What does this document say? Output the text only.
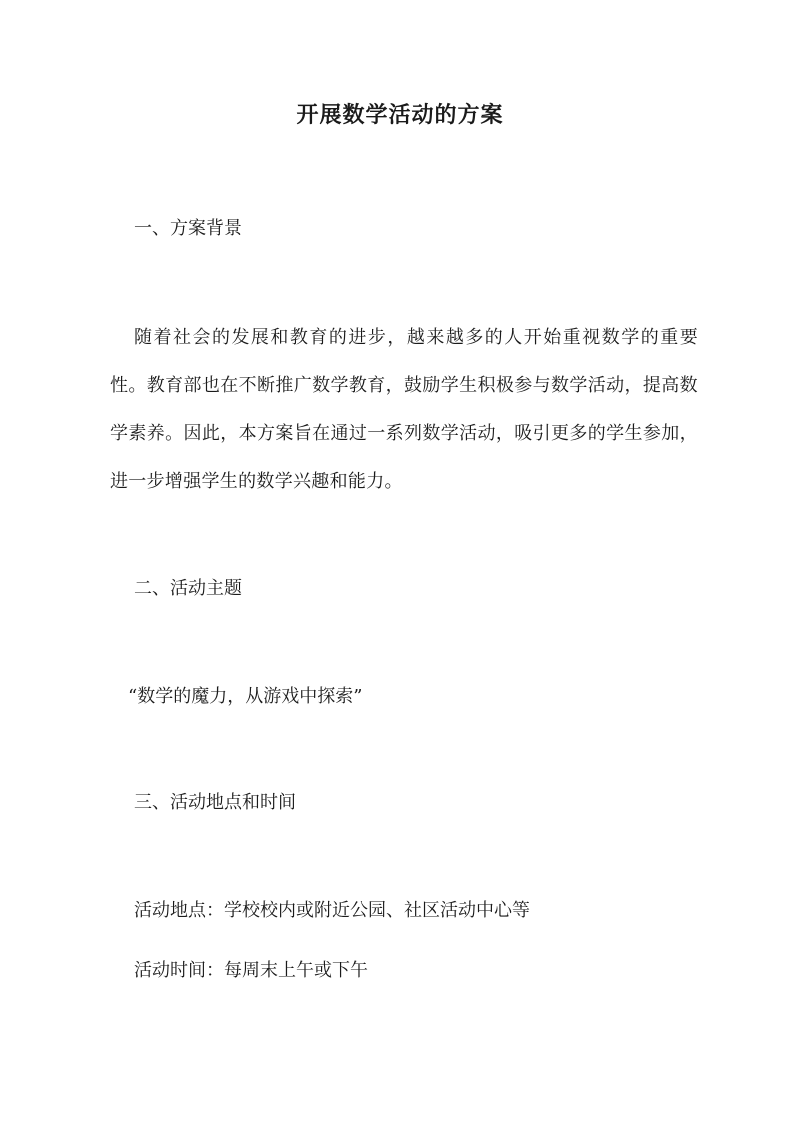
开展数学活动的方案
一、方案背景

随着社会的发展和教育的进步，越来越多的人开始重视数学的重要性。教育部也在不断推广数学教育，鼓励学生积极参与数学活动，提高数学素养。因此，本方案旨在通过一系列数学活动，吸引更多的学生参加，进一步增强学生的数学兴趣和能力。

二、活动主题

“数学的魔力，从游戏中探索”

三、活动地点和时间

活动地点：学校校内或附近公园、社区活动中心等

活动时间：每周末上午或下午
